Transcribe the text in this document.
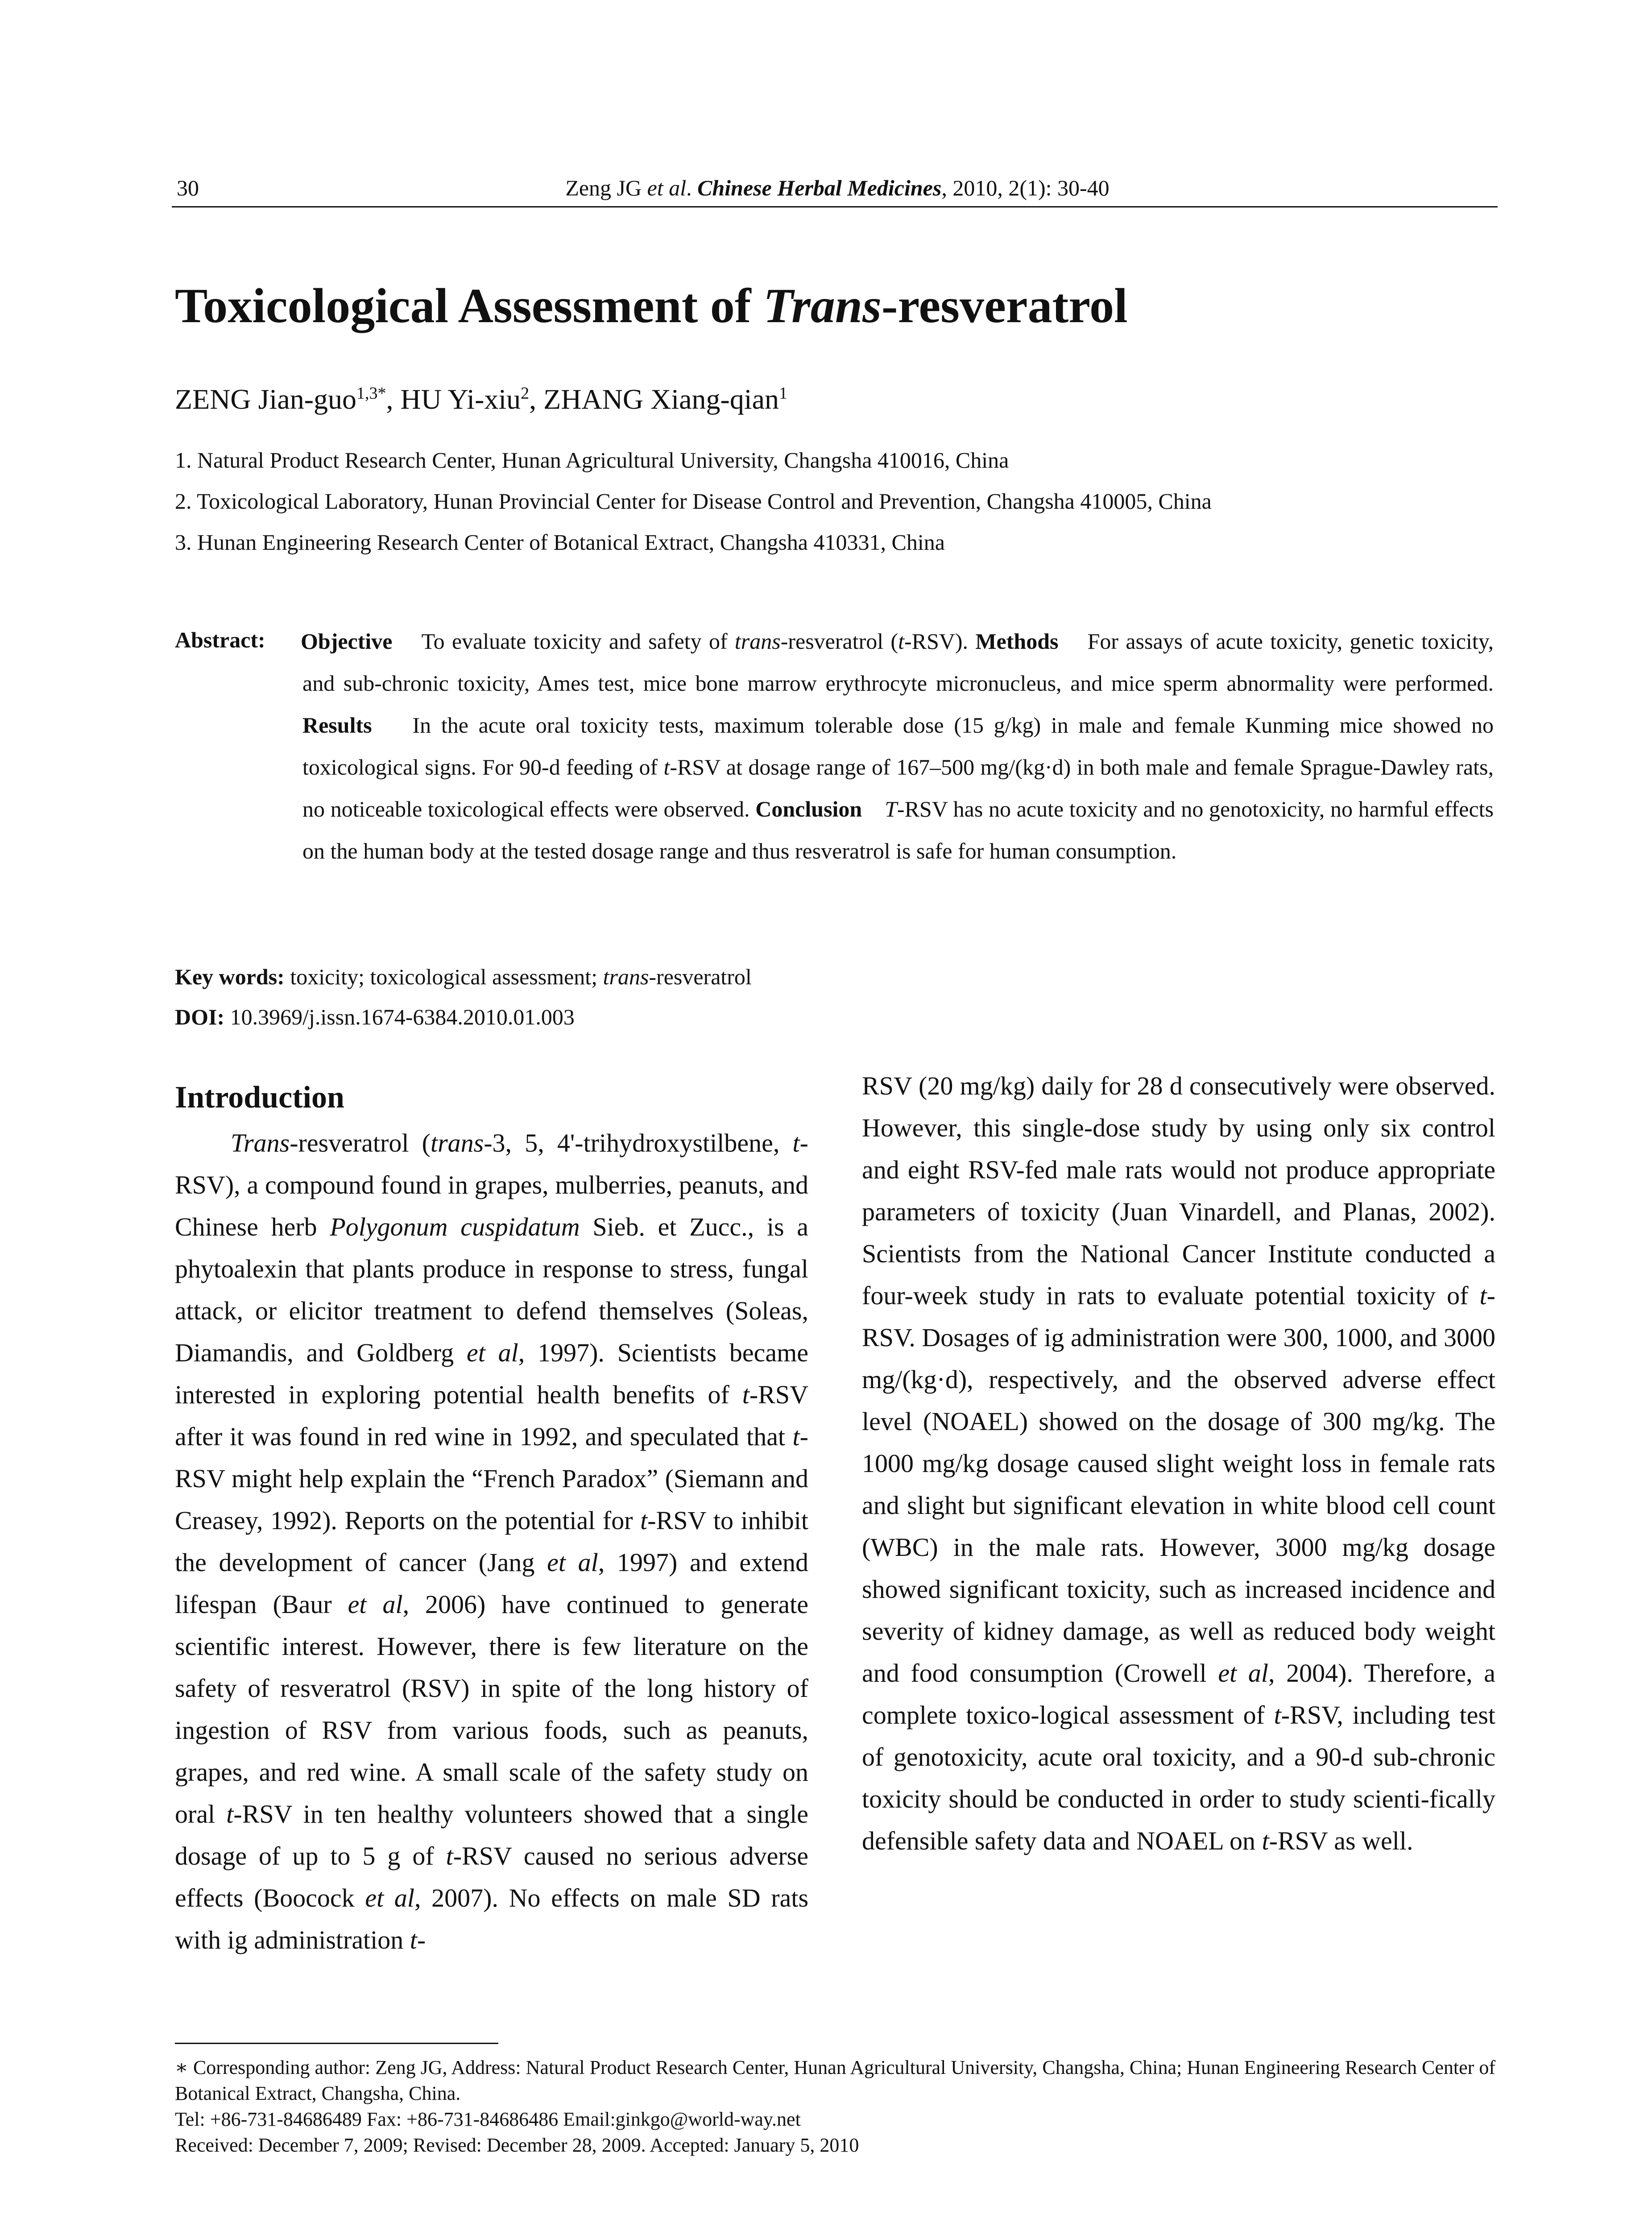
30	Zeng JG et al. Chinese Herbal Medicines, 2010, 2(1): 30-40
Toxicological Assessment of Trans-resveratrol
ZENG Jian-guo$^{1,3*}$, HU Yi-xiu$^2$, ZHANG Xiang-qian$^1$
1. Natural Product Research Center, Hunan Agricultural University, Changsha 410016, China
2. Toxicological Laboratory, Hunan Provincial Center for Disease Control and Prevention, Changsha 410005, China
3. Hunan Engineering Research Center of Botanical Extract, Changsha 410331, China
Abstract: Objective To evaluate toxicity and safety of trans-resveratrol (t-RSV). Methods For assays of acute toxicity, genetic toxicity, and sub-chronic toxicity, Ames test, mice bone marrow erythrocyte micronucleus, and mice sperm abnormality were performed. Results In the acute oral toxicity tests, maximum tolerable dose (15 g/kg) in male and female Kunming mice showed no toxicological signs. For 90-d feeding of t-RSV at dosage range of 167–500 mg/(kg·d) in both male and female Sprague-Dawley rats, no noticeable toxicological effects were observed. Conclusion T-RSV has no acute toxicity and no genotoxicity, no harmful effects on the human body at the tested dosage range and thus resveratrol is safe for human consumption.
Key words: toxicity; toxicological assessment; trans-resveratrol
DOI: 10.3969/j.issn.1674-6384.2010.01.003
Introduction

Trans-resveratrol (trans-3, 5, 4'-trihydroxystilbene, t-RSV), a compound found in grapes, mulberries, peanuts, and Chinese herb Polygonum cuspidatum Sieb. et Zucc., is a phytoalexin that plants produce in response to stress, fungal attack, or elicitor treatment to defend themselves (Soleas, Diamandis, and Goldberg et al, 1997). Scientists became interested in exploring potential health benefits of t-RSV after it was found in red wine in 1992, and speculated that t-RSV might help explain the “French Paradox” (Siemann and Creasey, 1992). Reports on the potential for t-RSV to inhibit the development of cancer (Jang et al, 1997) and extend lifespan (Baur et al, 2006) have continued to generate scientific interest. However, there is few literature on the safety of resveratrol (RSV) in spite of the long history of ingestion of RSV from various foods, such as peanuts, grapes, and red wine. A small scale of the safety study on oral t-RSV in ten healthy volunteers showed that a single dosage of up to 5 g of t-RSV caused no serious adverse effects (Boocock et al, 2007). No effects on male SD rats with ig administration t-

RSV (20 mg/kg) daily for 28 d consecutively were observed. However, this single-dose study by using only six control and eight RSV-fed male rats would not produce appropriate parameters of toxicity (Juan Vinardell, and Planas, 2002). Scientists from the National Cancer Institute conducted a four-week study in rats to evaluate potential toxicity of t-RSV. Dosages of ig administration were 300, 1000, and 3000 mg/(kg·d), respectively, and the observed adverse effect level (NOAEL) showed on the dosage of 300 mg/kg. The 1000 mg/kg dosage caused slight weight loss in female rats and slight but significant elevation in white blood cell count (WBC) in the male rats. However, 3000 mg/kg dosage showed significant toxicity, such as increased incidence and severity of kidney damage, as well as reduced body weight and food consumption (Crowell et al, 2004). Therefore, a complete toxico-logical assessment of t-RSV, including test of genotoxicity, acute oral toxicity, and a 90-d sub-chronic toxicity should be conducted in order to study scienti-fically defensible safety data and NOAEL on t-RSV as well.

∗ Corresponding author: Zeng JG, Address: Natural Product Research Center, Hunan Agricultural University, Changsha, China; Hunan Engineering Research Center of Botanical Extract, Changsha, China.

Tel: +86-731-84686489 Fax: +86-731-84686486 Email:ginkgo@world-way.net

Received: December 7, 2009; Revised: December 28, 2009. Accepted: January 5, 2010
